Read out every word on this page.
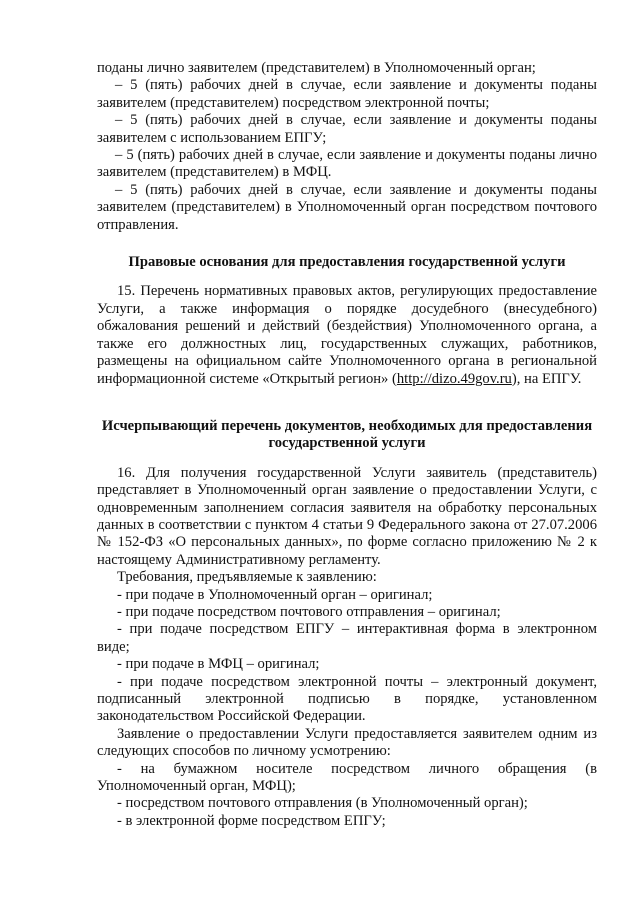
поданы лично заявителем (представителем) в Уполномоченный орган;

– 5 (пять) рабочих дней в случае, если заявление и документы поданы заявителем (представителем) посредством электронной почты;

– 5 (пять) рабочих дней в случае, если заявление и документы поданы заявителем с использованием ЕПГУ;

– 5 (пять) рабочих дней в случае, если заявление и документы поданы лично заявителем (представителем) в МФЦ.

– 5 (пять) рабочих дней в случае, если заявление и документы поданы заявителем (представителем) в Уполномоченный орган посредством почтового отправления.

Правовые основания для предоставления государственной услуги

15. Перечень нормативных правовых актов, регулирующих предоставление Услуги, а также информация о порядке досудебного (внесудебного) обжалования решений и действий (бездействия) Уполномоченного органа, а также его должностных лиц, государственных служащих, работников, размещены на официальном сайте Уполномоченного органа в региональной информационной системе «Открытый регион» (http://dizo.49gov.ru), на ЕПГУ.

Исчерпывающий перечень документов, необходимых для предоставления государственной услуги

16. Для получения государственной Услуги заявитель (представитель) представляет в Уполномоченный орган заявление о предоставлении Услуги, с одновременным заполнением согласия заявителя на обработку персональных данных в соответствии с пунктом 4 статьи 9 Федерального закона от 27.07.2006 № 152-ФЗ «О персональных данных», по форме согласно приложению № 2 к настоящему Административному регламенту.

Требования, предъявляемые к заявлению:

- при подаче в Уполномоченный орган – оригинал;

- при подаче посредством почтового отправления – оригинал;

- при подаче посредством ЕПГУ – интерактивная форма в электронном виде;

- при подаче в МФЦ – оригинал;

- при подаче посредством электронной почты – электронный документ, подписанный электронной подписью в порядке, установленном законодательством Российской Федерации.

Заявление о предоставлении Услуги предоставляется заявителем одним из следующих способов по личному усмотрению:

- на бумажном носителе посредством личного обращения (в Уполномоченный орган, МФЦ);

- посредством почтового отправления (в Уполномоченный орган);

- в электронной форме посредством ЕПГУ;
